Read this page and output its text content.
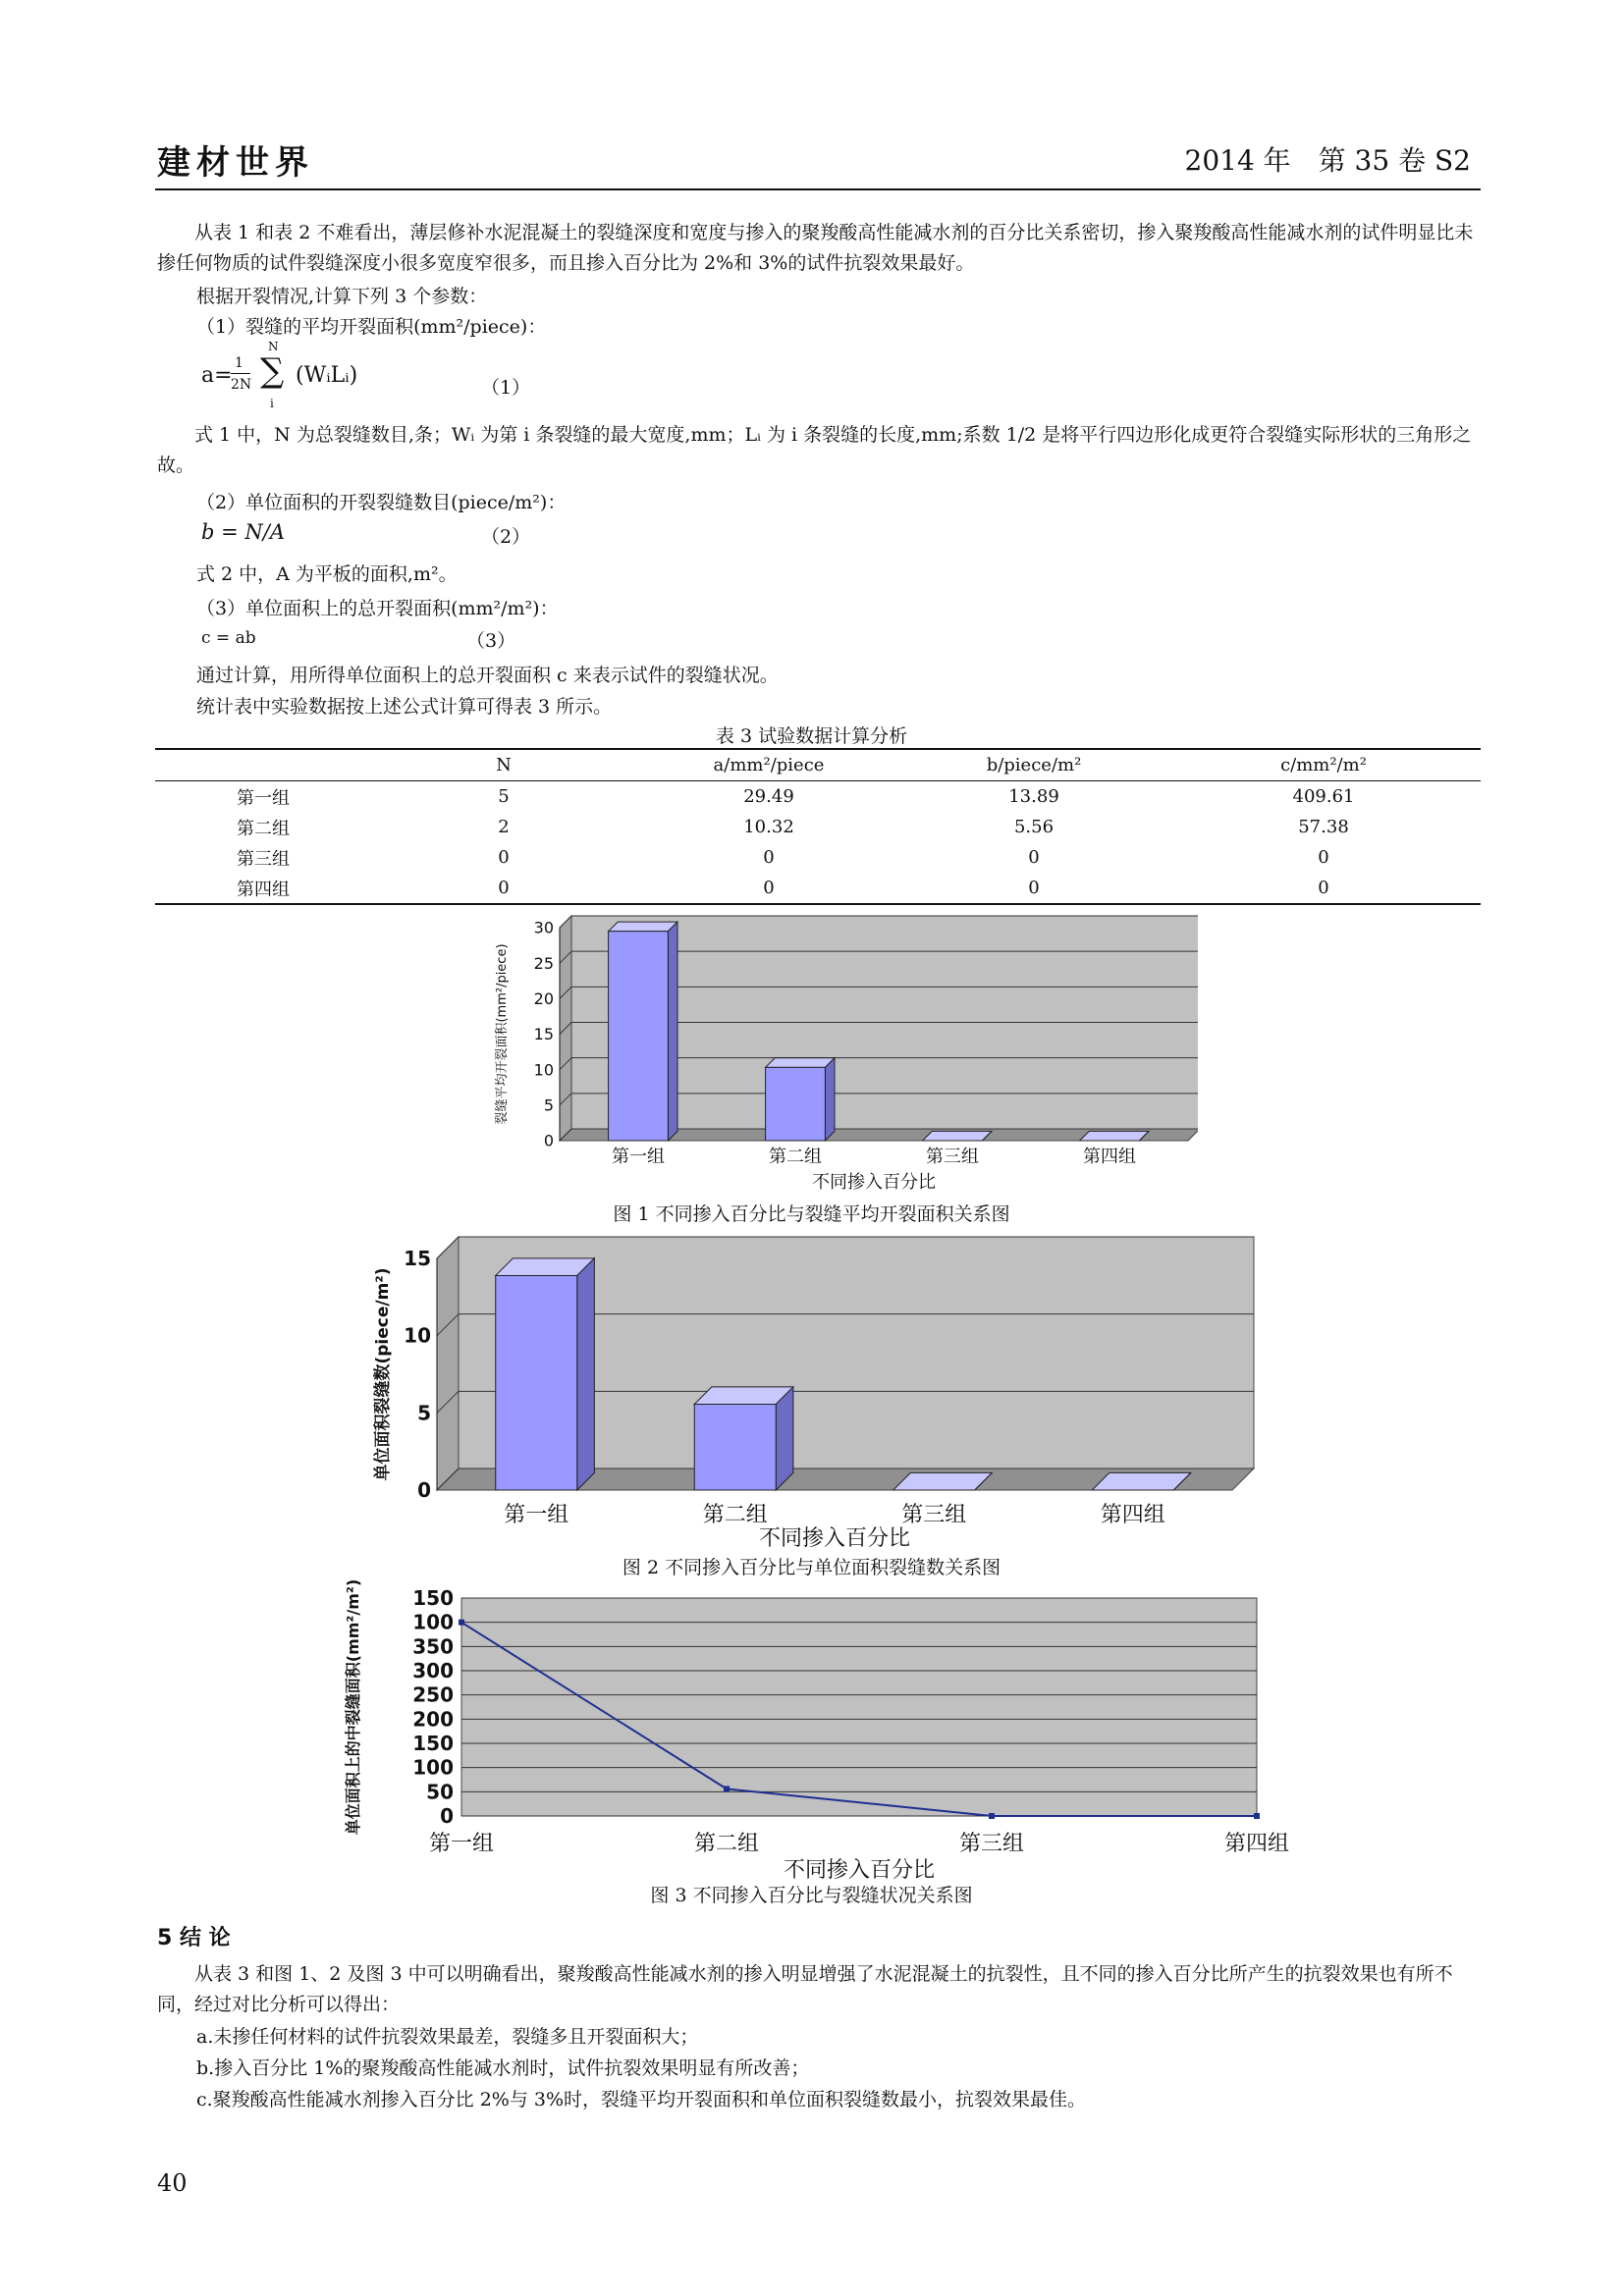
建材世界	2014 年　第 35 卷 S2
从表 1 和表 2 不难看出，薄层修补水泥混凝土的裂缝深度和宽度与掺入的聚羧酸高性能减水剂的百分比关系密切，掺入聚羧酸高性能减水剂的试件明显比未掺任何物质的试件裂缝深度小很多宽度窄很多，而且掺入百分比为 2%和 3%的试件抗裂效果最好。
根据开裂情况,计算下列 3 个参数：
（1）裂缝的平均开裂面积(mm²/piece)：
a= 1
2N
N
∑
i
(WᵢLᵢ)	（1）
式 1 中，N 为总裂缝数目,条；Wᵢ 为第 i 条裂缝的最大宽度,mm；Lᵢ 为 i 条裂缝的长度,mm;系数 1/2 是将平行四边形化成更符合裂缝实际形状的三角形之故。
（2）单位面积的开裂裂缝数目(piece/m²)：
b = N/A	（2）
式 2 中，A 为平板的面积,m²。
（3）单位面积上的总开裂面积(mm²/m²)：
c = ab	（3）
通过计算，用所得单位面积上的总开裂面积 c 来表示试件的裂缝状况。
统计表中实验数据按上述公式计算可得表 3 所示。
表 3 试验数据计算分析
	N	a/mm²/piece	b/piece/m²	c/mm²/m²
第一组	5	29.49	13.89	409.61
第二组	2	10.32	5.56	57.38
第三组	0	0	0	0
第四组	0	0	0	0
0
5
10
15
20
25
30
第一组	第二组	第三组	第四组
不同掺入百分比
裂缝平均开裂面积(mm²/piece)
图 1 不同掺入百分比与裂缝平均开裂面积关系图
0
5
10
15
第一组	第二组	第三组	第四组
不同掺入百分比
单位面积裂缝数(piece/m²)
图 2 不同掺入百分比与单位面积裂缝数关系图
150
100
350
300
250
200
150
100
50
0
第一组	第二组	第三组	第四组
不同掺入百分比
单位面积上的中裂缝面积(mm²/m²)
图 3 不同掺入百分比与裂缝状况关系图
5 结 论
从表 3 和图 1、2 及图 3 中可以明确看出，聚羧酸高性能减水剂的掺入明显增强了水泥混凝土的抗裂性，且不同的掺入百分比所产生的抗裂效果也有所不同，经过对比分析可以得出：
a.未掺任何材料的试件抗裂效果最差，裂缝多且开裂面积大；
b.掺入百分比 1%的聚羧酸高性能减水剂时，试件抗裂效果明显有所改善；
c.聚羧酸高性能减水剂掺入百分比 2%与 3%时，裂缝平均开裂面积和单位面积裂缝数最小，抗裂效果最佳。
40
